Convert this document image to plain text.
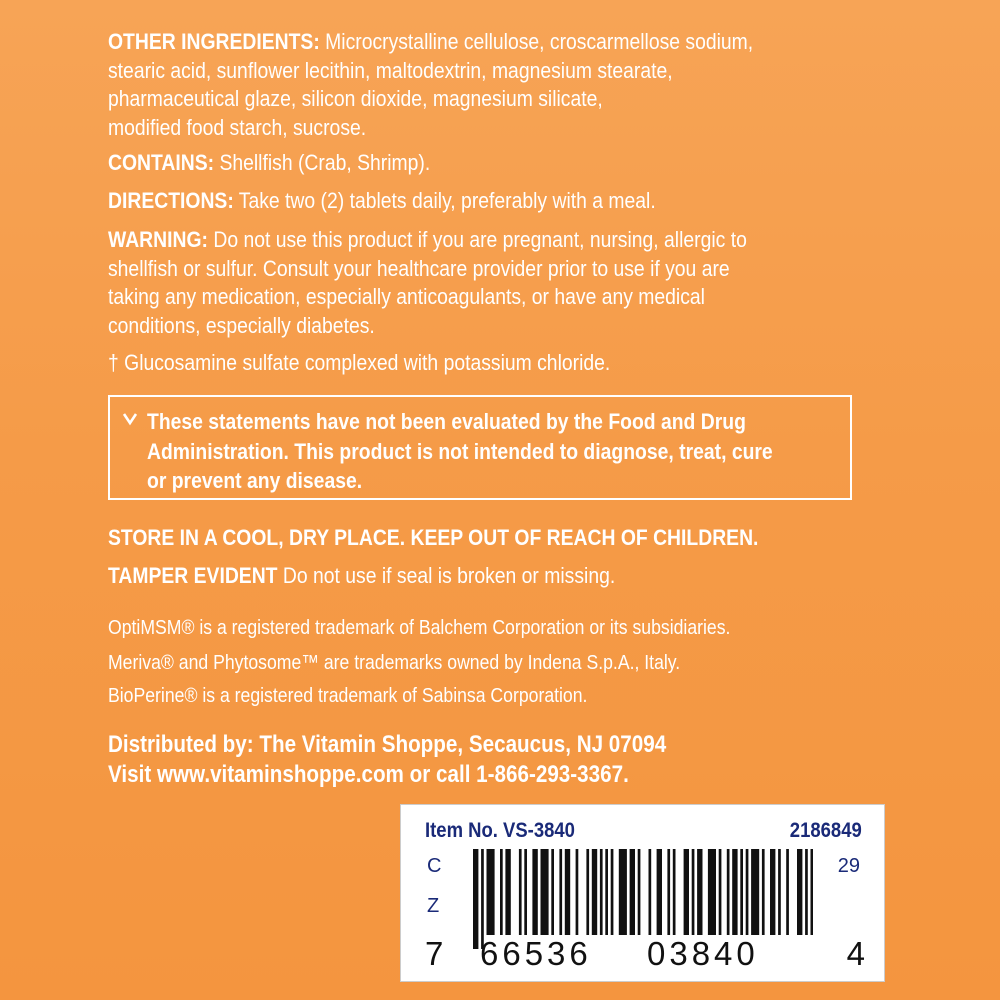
OTHER INGREDIENTS: Microcrystalline cellulose, croscarmellose sodium,
stearic acid, sunflower lecithin, maltodextrin, magnesium stearate,
pharmaceutical glaze, silicon dioxide, magnesium silicate,
modified food starch, sucrose.
CONTAINS: Shellfish (Crab, Shrimp).
DIRECTIONS: Take two (2) tablets daily, preferably with a meal.
WARNING: Do not use this product if you are pregnant, nursing, allergic to
shellfish or sulfur. Consult your healthcare provider prior to use if you are
taking any medication, especially anticoagulants, or have any medical
conditions, especially diabetes.
† Glucosamine sulfate complexed with potassium chloride.
These statements have not been evaluated by the Food and Drug
Administration. This product is not intended to diagnose, treat, cure
or prevent any disease.
STORE IN A COOL, DRY PLACE. KEEP OUT OF REACH OF CHILDREN.
TAMPER EVIDENT Do not use if seal is broken or missing.
OptiMSM® is a registered trademark of Balchem Corporation or its subsidiaries.
Meriva® and Phytosome™ are trademarks owned by Indena S.p.A., Italy.
BioPerine® is a registered trademark of Sabinsa Corporation.
Distributed by: The Vitamin Shoppe, Secaucus, NJ 07094
Visit www.vitaminshoppe.com or call 1-866-293-3367.
Item No. VS-3840	2186849
C
Z
29
7 66536 03840	4
